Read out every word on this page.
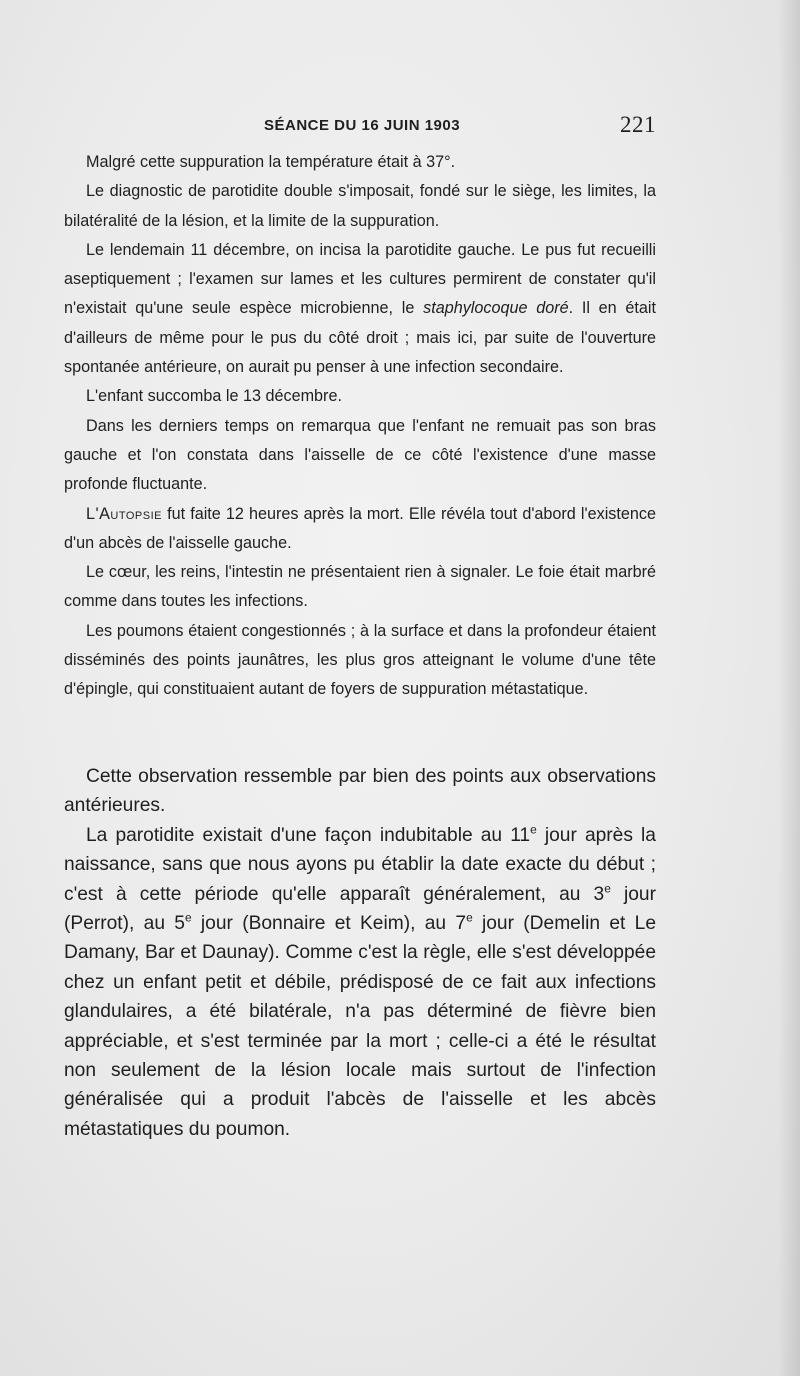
SÉANCE DU 16 JUIN 1903	221

Malgré cette suppuration la température était à 37°.

Le diagnostic de parotidite double s'imposait, fondé sur le siège, les limites, la bilatéralité de la lésion, et la limite de la suppuration.

Le lendemain 11 décembre, on incisa la parotidite gauche. Le pus fut recueilli aseptiquement ; l'examen sur lames et les cultures permirent de constater qu'il n'existait qu'une seule espèce microbienne, le staphylocoque doré. Il en était d'ailleurs de même pour le pus du côté droit ; mais ici, par suite de l'ouverture spontanée antérieure, on aurait pu penser à une infection secondaire.

L'enfant succomba le 13 décembre.

Dans les derniers temps on remarqua que l'enfant ne remuait pas son bras gauche et l'on constata dans l'aisselle de ce côté l'existence d'une masse profonde fluctuante.

L'Autopsie fut faite 12 heures après la mort. Elle révéla tout d'abord l'existence d'un abcès de l'aisselle gauche.

Le cœur, les reins, l'intestin ne présentaient rien à signaler. Le foie était marbré comme dans toutes les infections.

Les poumons étaient congestionnés ; à la surface et dans la profondeur étaient disséminés des points jaunâtres, les plus gros atteignant le volume d'une tête d'épingle, qui constituaient autant de foyers de suppuration métastatique.

Cette observation ressemble par bien des points aux observations antérieures.

La parotidite existait d'une façon indubitable au 11e jour après la naissance, sans que nous ayons pu établir la date exacte du début ; c'est à cette période qu'elle apparaît généralement, au 3e jour (Perrot), au 5e jour (Bonnaire et Keim), au 7e jour (Demelin et Le Damany, Bar et Daunay). Comme c'est la règle, elle s'est développée chez un enfant petit et débile, prédisposé de ce fait aux infections glandulaires, a été bilatérale, n'a pas déterminé de fièvre bien appréciable, et s'est terminée par la mort ; celle-ci a été le résultat non seulement de la lésion locale mais surtout de l'infection généralisée qui a produit l'abcès de l'aisselle et les abcès métastatiques du poumon.
